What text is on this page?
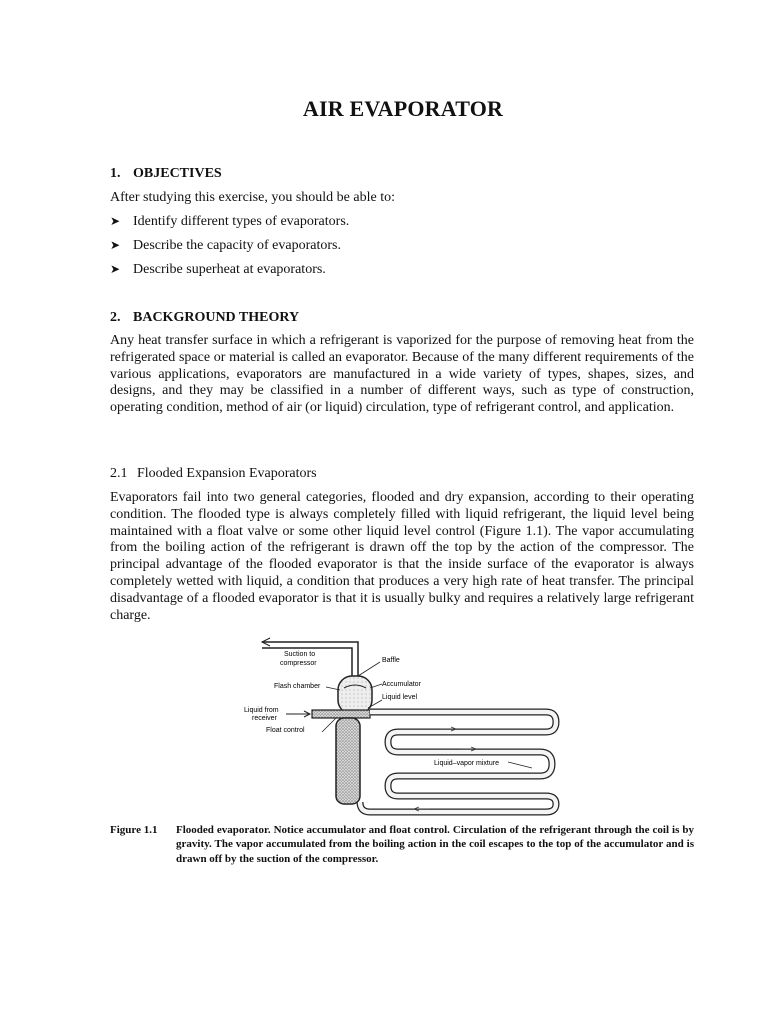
AIR EVAPORATOR
1. OBJECTIVES
After studying this exercise, you should be able to:
➤ Identify different types of evaporators.
➤ Describe the capacity of evaporators.
➤ Describe superheat at evaporators.
2. BACKGROUND THEORY
Any heat transfer surface in which a refrigerant is vaporized for the purpose of removing heat from the refrigerated space or material is called an evaporator. Because of the many different requirements of the various applications, evaporators are manufactured in a wide variety of types, shapes, sizes, and designs, and they may be classified in a number of different ways, such as type of construction, operating condition, method of air (or liquid) circulation, type of refrigerant control, and application.
2.1 Flooded Expansion Evaporators
Evaporators fail into two general categories, flooded and dry expansion, according to their operating condition. The flooded type is always completely filled with liquid refrigerant, the liquid level being maintained with a float valve or some other liquid level control (Figure 1.1). The vapor accumulating from the boiling action of the refrigerant is drawn off the top by the action of the compressor. The principal advantage of the flooded evaporator is that the inside surface of the evaporator is always completely wetted with liquid, a condition that produces a very high rate of heat transfer. The principal disadvantage of a flooded evaporator is that it is usually bulky and requires a relatively large refrigerant charge.
Suction to
compressor	Baffle
Flash chamber	Accumulator
Liquid level
Liquid from
receiver
Float control
Liquid–vapor mixture
Figure 1.1	Flooded evaporator. Notice accumulator and float control. Circulation of the refrigerant through the coil is by gravity. The vapor accumulated from the boiling action in the coil escapes to the top of the accumulator and is drawn off by the suction of the compressor.
